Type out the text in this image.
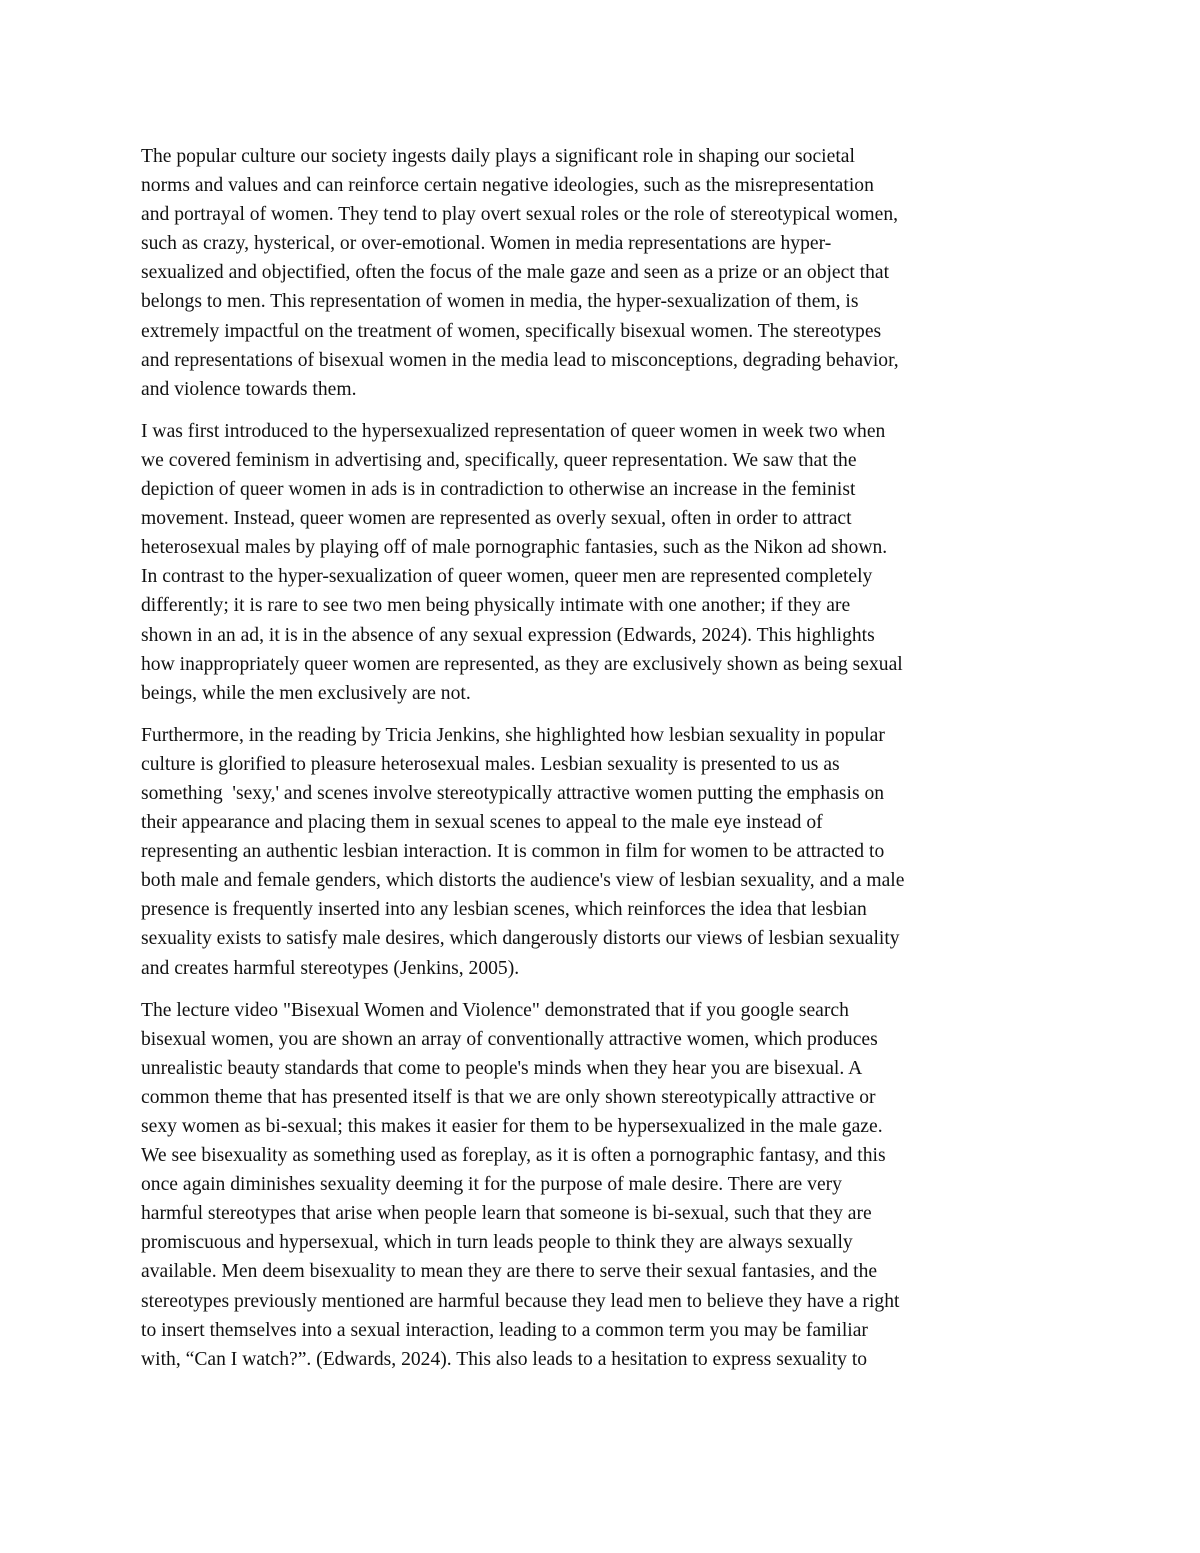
The popular culture our society ingests daily plays a significant role in shaping our societal
norms and values and can reinforce certain negative ideologies, such as the misrepresentation
and portrayal of women. They tend to play overt sexual roles or the role of stereotypical women,
such as crazy, hysterical, or over-emotional. Women in media representations are hyper-
sexualized and objectified, often the focus of the male gaze and seen as a prize or an object that
belongs to men. This representation of women in media, the hyper-sexualization of them, is
extremely impactful on the treatment of women, specifically bisexual women. The stereotypes
and representations of bisexual women in the media lead to misconceptions, degrading behavior,
and violence towards them.

I was first introduced to the hypersexualized representation of queer women in week two when
we covered feminism in advertising and, specifically, queer representation. We saw that the
depiction of queer women in ads is in contradiction to otherwise an increase in the feminist
movement. Instead, queer women are represented as overly sexual, often in order to attract
heterosexual males by playing off of male pornographic fantasies, such as the Nikon ad shown.
In contrast to the hyper-sexualization of queer women, queer men are represented completely
differently; it is rare to see two men being physically intimate with one another; if they are
shown in an ad, it is in the absence of any sexual expression (Edwards, 2024). This highlights
how inappropriately queer women are represented, as they are exclusively shown as being sexual
beings, while the men exclusively are not.

Furthermore, in the reading by Tricia Jenkins, she highlighted how lesbian sexuality in popular
culture is glorified to pleasure heterosexual males. Lesbian sexuality is presented to us as
something  'sexy,' and scenes involve stereotypically attractive women putting the emphasis on
their appearance and placing them in sexual scenes to appeal to the male eye instead of
representing an authentic lesbian interaction. It is common in film for women to be attracted to
both male and female genders, which distorts the audience's view of lesbian sexuality, and a male
presence is frequently inserted into any lesbian scenes, which reinforces the idea that lesbian
sexuality exists to satisfy male desires, which dangerously distorts our views of lesbian sexuality
and creates harmful stereotypes (Jenkins, 2005).

The lecture video "Bisexual Women and Violence" demonstrated that if you google search
bisexual women, you are shown an array of conventionally attractive women, which produces
unrealistic beauty standards that come to people's minds when they hear you are bisexual. A
common theme that has presented itself is that we are only shown stereotypically attractive or
sexy women as bi-sexual; this makes it easier for them to be hypersexualized in the male gaze.
We see bisexuality as something used as foreplay, as it is often a pornographic fantasy, and this
once again diminishes sexuality deeming it for the purpose of male desire. There are very
harmful stereotypes that arise when people learn that someone is bi-sexual, such that they are
promiscuous and hypersexual, which in turn leads people to think they are always sexually
available. Men deem bisexuality to mean they are there to serve their sexual fantasies, and the
stereotypes previously mentioned are harmful because they lead men to believe they have a right
to insert themselves into a sexual interaction, leading to a common term you may be familiar
with, “Can I watch?”. (Edwards, 2024). This also leads to a hesitation to express sexuality to
